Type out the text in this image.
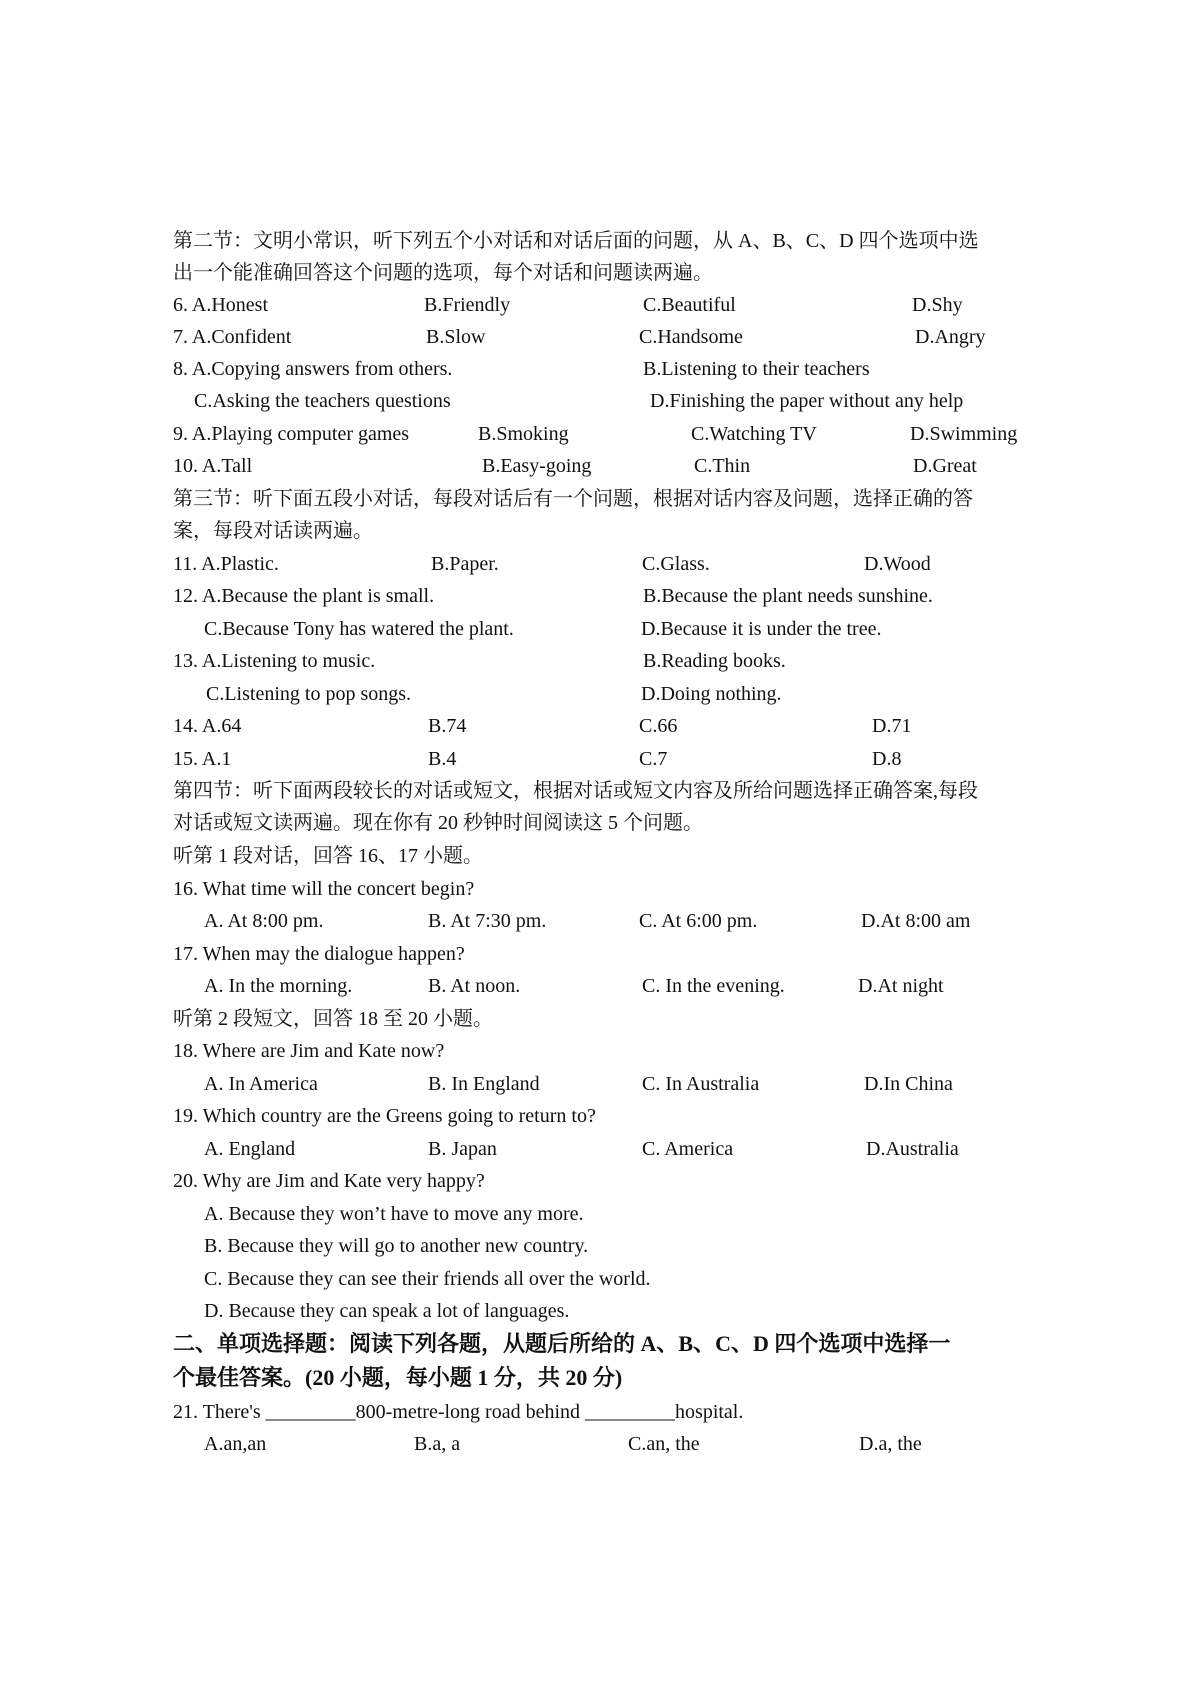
第二节：文明小常识，听下列五个小对话和对话后面的问题，从 A、B、C、D 四个选项中选
出一个能准确回答这个问题的选项，每个对话和问题读两遍。
6. A.Honest	B.Friendly	C.Beautiful	D.Shy
7. A.Confident	B.Slow	C.Handsome	D.Angry
8. A.Copying answers from others.	B.Listening to their teachers
C.Asking the teachers questions	D.Finishing the paper without any help
9. A.Playing computer games	B.Smoking	C.Watching TV	D.Swimming
10. A.Tall	B.Easy-going	C.Thin	D.Great
第三节：听下面五段小对话，每段对话后有一个问题，根据对话内容及问题，选择正确的答
案，每段对话读两遍。
11. A.Plastic.	B.Paper.	C.Glass.	D.Wood
12. A.Because the plant is small.	B.Because the plant needs sunshine.
C.Because Tony has watered the plant.	D.Because it is under the tree.
13. A.Listening to music.	B.Reading books.
C.Listening to pop songs.	D.Doing nothing.
14. A.64	B.74	C.66	D.71
15. A.1	B.4	C.7	D.8
第四节：听下面两段较长的对话或短文，根据对话或短文内容及所给问题选择正确答案,每段
对话或短文读两遍。现在你有 20 秒钟时间阅读这 5 个问题。
听第 1 段对话，回答 16、17 小题。
16. What time will the concert begin?
A. At 8:00 pm.	B. At 7:30 pm.	C. At 6:00 pm.	D.At 8:00 am
17. When may the dialogue happen?
A. In the morning.	B. At noon.	C. In the evening.	D.At night
听第 2 段短文，回答 18 至 20 小题。
18. Where are Jim and Kate now?
A. In America	B. In England	C. In Australia	D.In China
19. Which country are the Greens going to return to?
A. England	B. Japan	C. America	D.Australia
20. Why are Jim and Kate very happy?
A. Because they won’t have to move any more.
B. Because they will go to another new country.
C. Because they can see their friends all over the world.
D. Because they can speak a lot of languages.
二、单项选择题：阅读下列各题，从题后所给的 A、B、C、D 四个选项中选择一
个最佳答案。(20 小题，每小题 1 分，共 20 分)
21. There's _________800-metre-long road behind _________hospital.
A.an,an	B.a, a	C.an, the	D.a, the
